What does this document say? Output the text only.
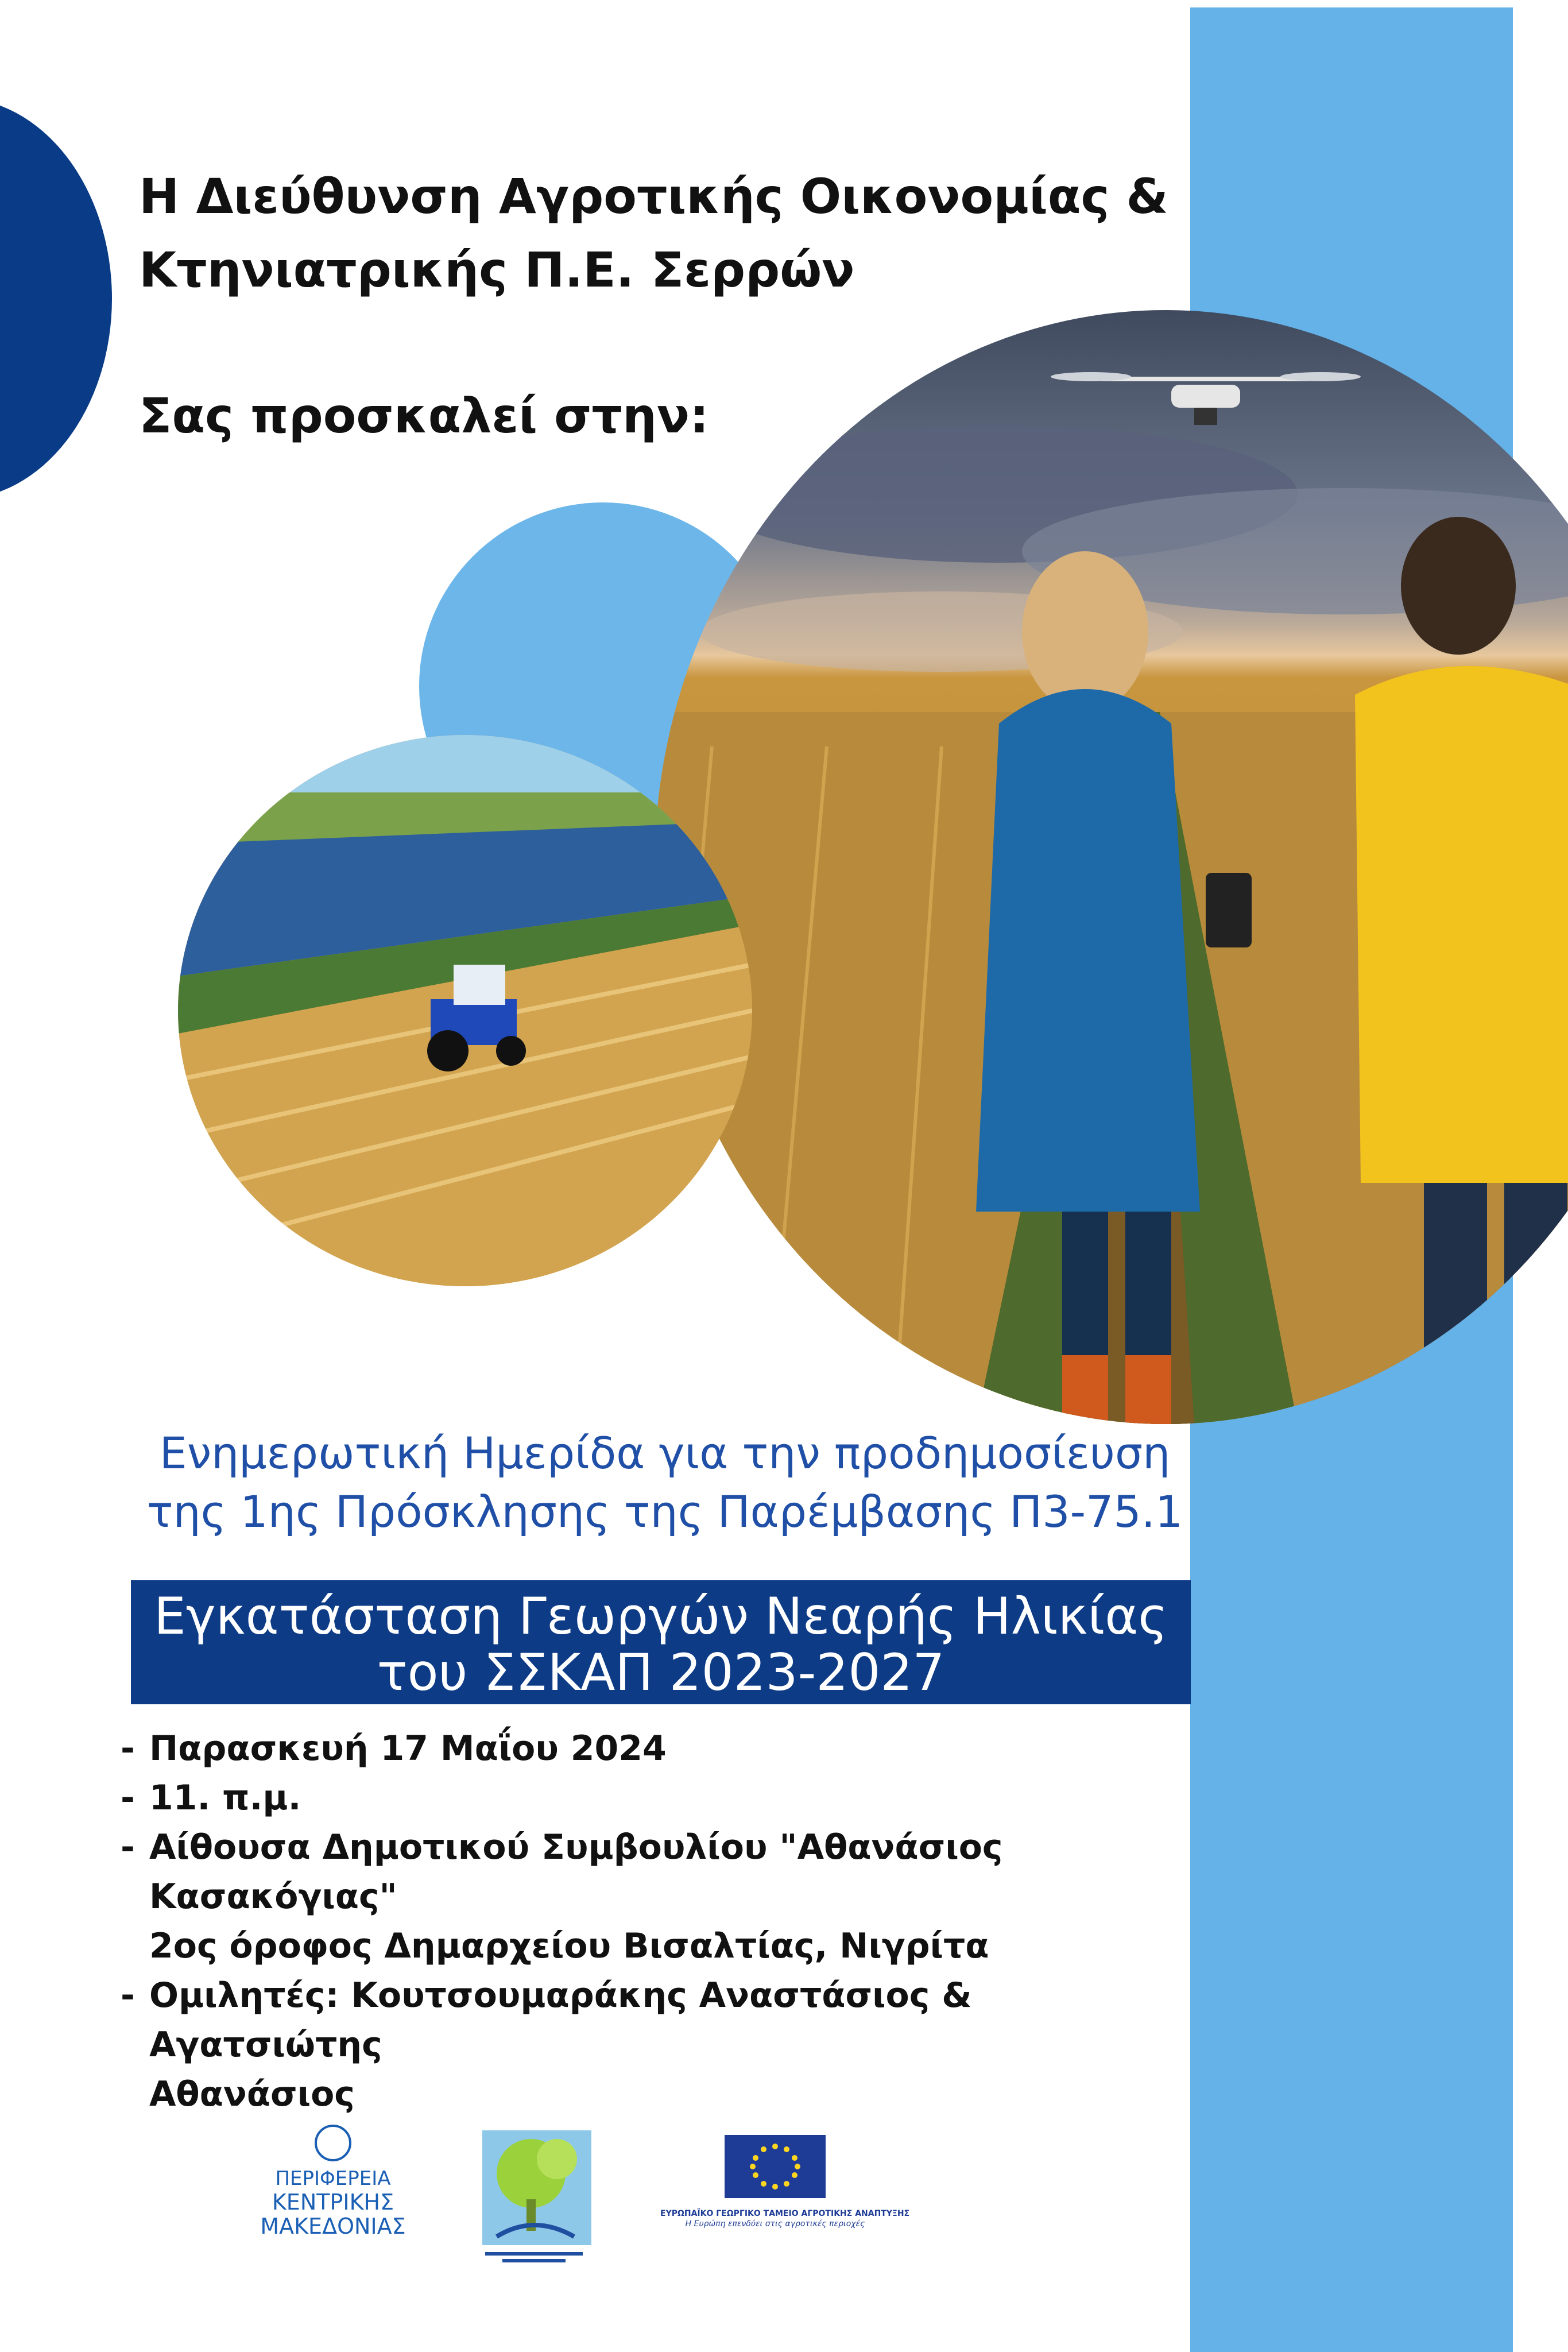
Η Διεύθυνση Αγροτικής Οικονομίας &
Κτηνιατρικής Π.Ε. Σερρών
Σας προσκαλεί στην:
Ενημερωτική Ημερίδα για την προδημοσίευση
της 1ης Πρόσκλησης της Παρέμβασης Π3-75.1
Εγκατάσταση Γεωργών Νεαρής Ηλικίας
του ΣΣΚΑΠ 2023-2027
- Παρασκευή 17 Μαΐου 2024
- 11. π.μ.
- Αίθουσα Δημοτικού Συμβουλίου "Αθανάσιος Κασακόγιας"
2ος όροφος Δημαρχείου Βισαλτίας, Νιγρίτα
- Ομιλητές: Κουτσουμαράκης Αναστάσιος & Αγατσιώτης
Αθανάσιος
ΠΕΡΙΦΕΡΕΙΑ
ΚΕΝΤΡΙΚΗΣ
ΜΑΚΕΔΟΝΙΑΣ	ΕΥΡΩΠΑΪΚΟ ΓΕΩΡΓΙΚΟ ΤΑΜΕΙΟ ΑΓΡΟΤΙΚΗΣ ΑΝΑΠΤΥΞΗΣ
Η Ευρώπη επενδύει στις αγροτικές περιοχές
